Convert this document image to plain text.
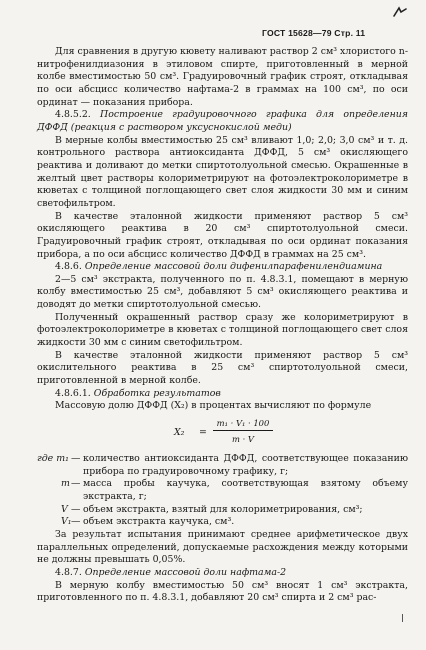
ГОСТ 15628—79 Стр. 11

Для сравнения в другую кювету наливают раствор 2 см³ хлористого n-нитрофенилдиазония в этиловом спирте, приготовленный в мерной колбе вместимостью 50 см³. Градуировочный график строят, откладывая по оси абсцисс количество нафтама-2 в граммах на 100 см³, по оси ординат — показания прибора.

4.8.5.2. Построение градуировочного графика для определения ДФФД (реакция с раствором уксуснокислой меди)

В мерные колбы вместимостью 25 см³ вливают 1,0; 2,0; 3,0 см³ и т. д. контрольного раствора антиоксиданта ДФФД, 5 см³ окисляющего реактива и доливают до метки спиртотолуольной смесью. Окрашенные в желтый цвет растворы колориметрируют на фотоэлектроколориметре в кюветах с толщиной поглощающего свет слоя жидкости 30 мм и синим светофильтром.

В качестве эталонной жидкости применяют раствор 5 см³ окисляющего реактива в 20 см³ спиртотолуольной смеси. Градуировочный график строят, откладывая по оси ординат показания прибора, а по оси абсцисс количество ДФФД в граммах на 25 см³.

4.8.6. Определение массовой доли дифенилпарафенилендиамина

2—5 см³ экстракта, полученного по п. 4.8.3.1, помещают в мерную колбу вместимостью 25 см³, добавляют 5 см³ окисляющего реактива и доводят до метки спиртотолуольной смесью.

Полученный окрашенный раствор сразу же колориметрируют в фотоэлектроколориметре в кюветах с толщиной поглощающего свет слоя жидкости 30 мм с синим светофильтром.

В качестве эталонной жидкости применяют раствор 5 см³ окислительного реактива в 25 см³ спиртотолуольной смеси, приготовленной в мерной колбе.

4.8.6.1. Обработка результатов

Массовую долю ДФФД (X₂) в процентах вычисляют по формуле

X₂ =
m₁ · V₁ · 100
m · V
где m₁ — количество антиоксиданта ДФФД, соответствующее показанию прибора по градуировочному графику, г;
m — масса пробы каучука, соответствующая взятому объему экстракта, г;
V — объем экстракта, взятый для колориметрирования, см³;
V₁ — объем экстракта каучука, см³.

За результат испытания принимают среднее арифметическое двух параллельных определений, допускаемые расхождения между которыми не должны превышать 0,05%.

4.8.7. Определение массовой доли нафтама-2

В мерную колбу вместимостью 50 см³ вносят 1 см³ экстракта, приготовленного по п. 4.8.3.1, добавляют 20 см³ спирта и 2 см³ рас-
